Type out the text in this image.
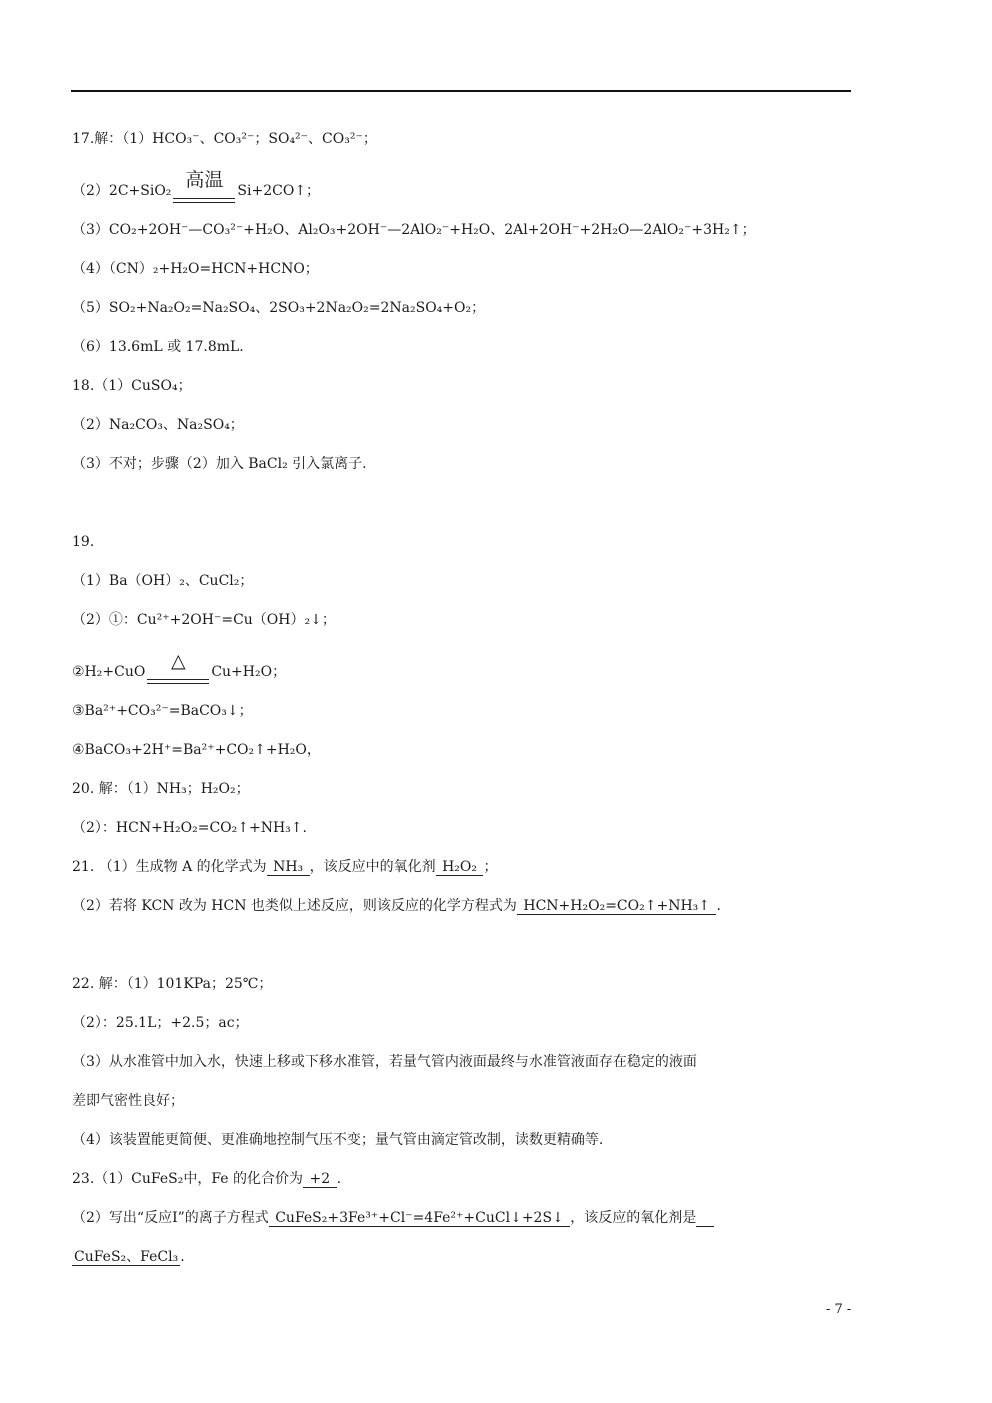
17.解：（1）HCO₃⁻、CO₃²⁻；SO₄²⁻、CO₃²⁻；
（2）2C+SiO₂ 高温	Si+2CO↑；
（3）CO₂+2OH⁻—CO₃²⁻+H₂O、Al₂O₃+2OH⁻—2AlO₂⁻+H₂O、2Al+2OH⁻+2H₂O—2AlO₂⁻+3H₂↑；
（4）（CN）₂+H₂O=HCN+HCNO；
（5）SO₂+Na₂O₂=Na₂SO₄、2SO₃+2Na₂O₂=2Na₂SO₄+O₂；
（6）13.6mL 或 17.8mL.
18.（1）CuSO₄；
（2）Na₂CO₃、Na₂SO₄；
（3）不对；步骤（2）加入 BaCl₂ 引入氯离子.
19.
（1）Ba（OH）₂、CuCl₂；
（2）①：Cu²⁺+2OH⁻=Cu（OH）₂↓；
②H₂+CuO	△	Cu+H₂O；
③Ba²⁺+CO₃²⁻=BaCO₃↓；
④BaCO₃+2H⁺=Ba²⁺+CO₂↑+H₂O，
20. 解：（1）NH₃；H₂O₂；
（2）：HCN+H₂O₂=CO₂↑+NH₃↑.
21. （1）生成物 A 的化学式为 NH₃ ，该反应中的氧化剂 H₂O₂ ；
（2）若将 KCN 改为 HCN 也类似上述反应，则该反应的化学方程式为 HCN+H₂O₂=CO₂↑+NH₃↑ .
22. 解：（1）101KPa；25℃；
（2）：25.1L；+2.5；ac；
（3）从水准管中加入水，快速上移或下移水准管，若量气管内液面最终与水准管液面存在稳定的液面
差即气密性良好；
（4）该装置能更简便、更准确地控制气压不变；量气管由滴定管改制，读数更精确等.
23.（1）CuFeS₂中，Fe 的化合价为 +2 .
（2）写出“反应Ⅰ”的离子方程式 CuFeS₂+3Fe³⁺+Cl⁻=4Fe²⁺+CuCl↓+2S↓ ，该反应的氧化剂是
CuFeS₂、FeCl₃ .
- 7 -
